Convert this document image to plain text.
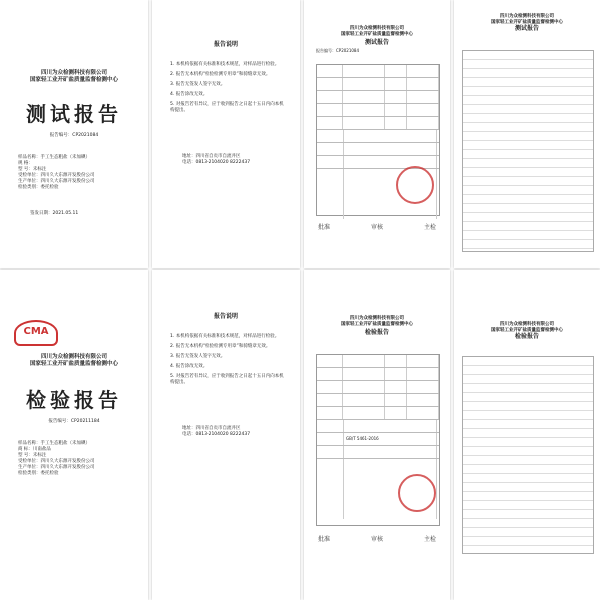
四川为众检测科技有限公司
国家轻工业开矿盐质量监督检测中心
测试报告
报告编号：CP2021084
样品名称：手工生态粗盐（未加碘）
规 格：
型 号：未标注
受检单位：四川久大东源开发股份公司
生产单位：四川久大东源开发股份公司
检验类别：委托检验
签发日期：2021.05.11
报告说明
1. 本机构依据有关标准和技术规范，对样品进行检验。
2. 报告无本机构“检验检测专用章”和骑缝章无效。
3. 报告无签发人签字无效。
4. 报告涂改无效。
5. 对报告若有异议，应于收到报告之日起十五日内向本机构提出。
地址：四川省自贡市自流井区
电话：0813-2104020 8222437
四川为众检测科技有限公司
国家轻工业开矿盐质量监督检测中心
测试报告
报告编号：CP2021084
批准	审核	主检
四川为众检测科技有限公司
国家轻工业开矿盐质量监督检测中心
测试报告
CMA
四川为众检测科技有限公司
国家轻工业开矿盐质量监督检测中心
检验报告
报告编号：CP20211184
样品名称：手工生态粗盐（未加碘）
商 标：川南盐品
型 号：未标注
受检单位：四川久大东源开发股份公司
生产单位：四川久大东源开发股份公司
检验类别：委托检验
报告说明
1. 本机构依据有关标准和技术规范，对样品进行检验。
2. 报告无本机构“检验检测专用章”和骑缝章无效。
3. 报告无签发人签字无效。
4. 报告涂改无效。
5. 对报告若有异议，应于收到报告之日起十五日内向本机构提出。
地址：四川省自贡市自流井区
电话：0813-2104020 8222437
四川为众检测科技有限公司
国家轻工业开矿盐质量监督检测中心
检验报告
GB/T 5461-2016
批准	审核	主检
四川为众检测科技有限公司
国家轻工业开矿盐质量监督检测中心
检验报告
